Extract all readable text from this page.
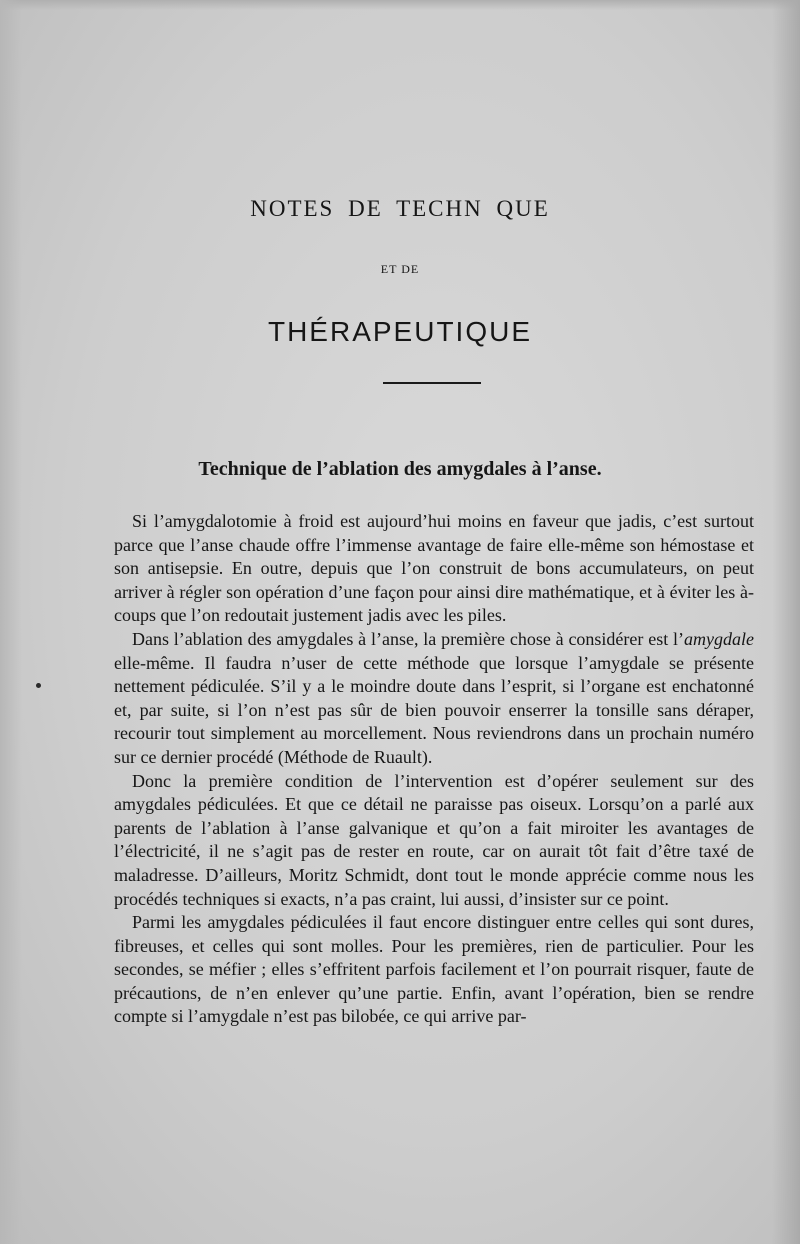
NOTES DE TECHN QUE
ET DE
THÉRAPEUTIQUE
Technique de l’ablation des amygdales à l’anse.

Si l’amygdalotomie à froid est aujourd’hui moins en faveur que jadis, c’est surtout parce que l’anse chaude offre l’immense avantage de faire elle-même son hémostase et son antisepsie. En outre, depuis que l’on construit de bons accumulateurs, on peut arriver à régler son opération d’une façon pour ainsi dire mathématique, et à éviter les à-coups que l’on redoutait justement jadis avec les piles.

Dans l’ablation des amygdales à l’anse, la première chose à considérer est l’amygdale elle-même. Il faudra n’user de cette méthode que lorsque l’amygdale se présente nettement pédiculée. S’il y a le moindre doute dans l’esprit, si l’organe est enchatonné et, par suite, si l’on n’est pas sûr de bien pouvoir enserrer la tonsille sans déraper, recourir tout simplement au morcellement. Nous reviendrons dans un prochain numéro sur ce dernier procédé (Méthode de Ruault).

Donc la première condition de l’intervention est d’opérer seulement sur des amygdales pédiculées. Et que ce détail ne paraisse pas oiseux. Lorsqu’on a parlé aux parents de l’ablation à l’anse galvanique et qu’on a fait miroiter les avantages de l’électricité, il ne s’agit pas de rester en route, car on aurait tôt fait d’être taxé de maladresse. D’ailleurs, Moritz Schmidt, dont tout le monde apprécie comme nous les procédés techniques si exacts, n’a pas craint, lui aussi, d’insister sur ce point.

Parmi les amygdales pédiculées il faut encore distinguer entre celles qui sont dures, fibreuses, et celles qui sont molles. Pour les premières, rien de particulier. Pour les secondes, se méfier ; elles s’effritent parfois facilement et l’on pourrait risquer, faute de précautions, de n’en enlever qu’une partie. Enfin, avant l’opération, bien se rendre compte si l’amygdale n’est pas bilobée, ce qui arrive par-
